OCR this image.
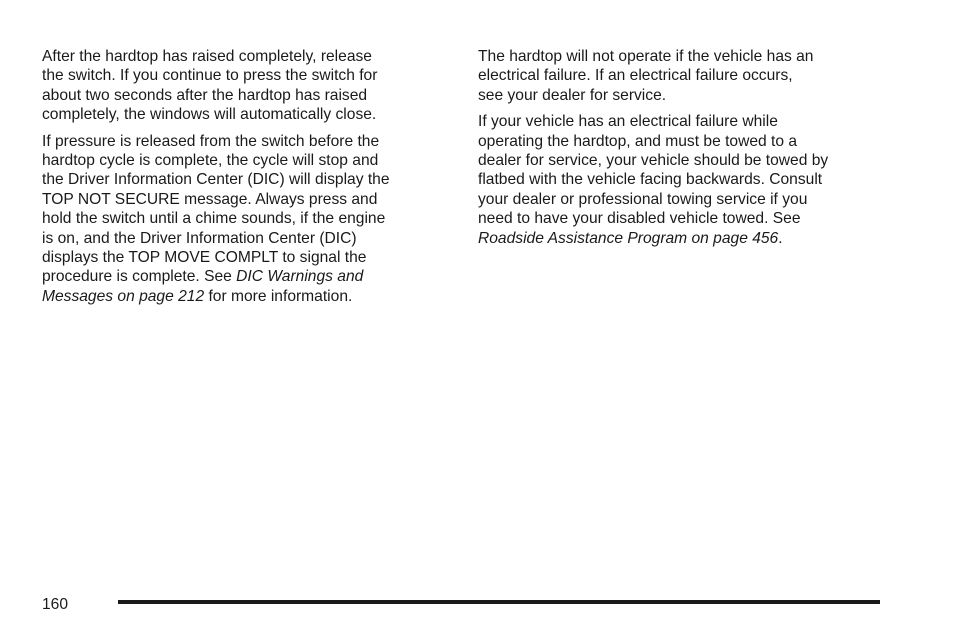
After the hardtop has raised completely, release
the switch. If you continue to press the switch for
about two seconds after the hardtop has raised
completely, the windows will automatically close.

If pressure is released from the switch before the
hardtop cycle is complete, the cycle will stop and
the Driver Information Center (DIC) will display the
TOP NOT SECURE message. Always press and
hold the switch until a chime sounds, if the engine
is on, and the Driver Information Center (DIC)
displays the TOP MOVE COMPLT to signal the
procedure is complete. See DIC Warnings and
Messages on page 212 for more information.

The hardtop will not operate if the vehicle has an
electrical failure. If an electrical failure occurs,
see your dealer for service.

If your vehicle has an electrical failure while
operating the hardtop, and must be towed to a
dealer for service, your vehicle should be towed by
flatbed with the vehicle facing backwards. Consult
your dealer or professional towing service if you
need to have your disabled vehicle towed. See
Roadside Assistance Program on page 456.

160
